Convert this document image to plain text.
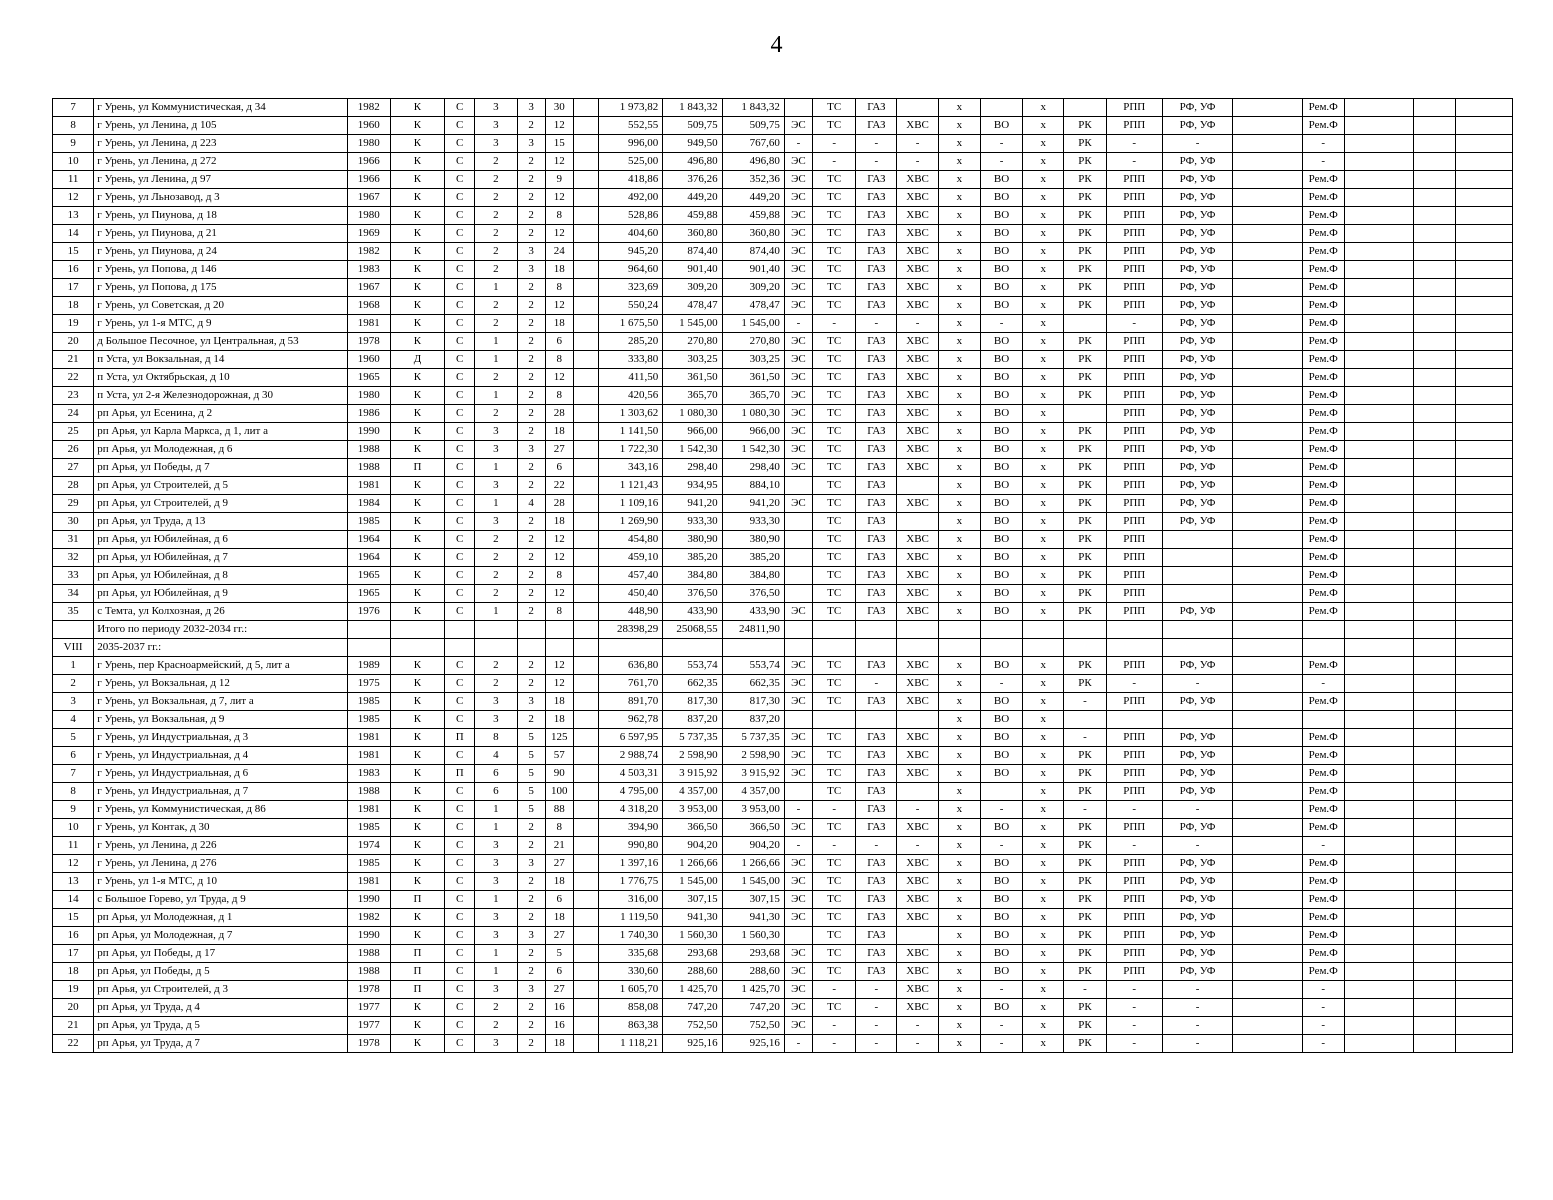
4
7	г Урень, ул Коммунистическая, д 34	1982	К	С	3	3	30		1 973,82	1 843,32	1 843,32		ТС	ГАЗ		х		х		РПП	РФ, УФ		Рем.Ф			
8	г Урень, ул Ленина, д 105	1960	К	С	3	2	12		552,55	509,75	509,75	ЭС	ТС	ГАЗ	ХВС	х	ВО	х	РК	РПП	РФ, УФ		Рем.Ф			
9	г Урень, ул Ленина, д 223	1980	К	С	3	3	15		996,00	949,50	767,60	-	-	-	-	х	-	х	РК	-	-		-			
10	г Урень, ул Ленина, д 272	1966	К	С	2	2	12		525,00	496,80	496,80	ЭС	-	-	-	х	-	х	РК	-	РФ, УФ		-			
11	г Урень, ул Ленина, д 97	1966	К	С	2	2	9		418,86	376,26	352,36	ЭС	ТС	ГАЗ	ХВС	х	ВО	х	РК	РПП	РФ, УФ		Рем.Ф			
12	г Урень, ул Льнозавод, д 3	1967	К	С	2	2	12		492,00	449,20	449,20	ЭС	ТС	ГАЗ	ХВС	х	ВО	х	РК	РПП	РФ, УФ		Рем.Ф			
13	г Урень, ул Пиунова, д 18	1980	К	С	2	2	8		528,86	459,88	459,88	ЭС	ТС	ГАЗ	ХВС	х	ВО	х	РК	РПП	РФ, УФ		Рем.Ф			
14	г Урень, ул Пиунова, д 21	1969	К	С	2	2	12		404,60	360,80	360,80	ЭС	ТС	ГАЗ	ХВС	х	ВО	х	РК	РПП	РФ, УФ		Рем.Ф			
15	г Урень, ул Пиунова, д 24	1982	К	С	2	3	24		945,20	874,40	874,40	ЭС	ТС	ГАЗ	ХВС	х	ВО	х	РК	РПП	РФ, УФ		Рем.Ф			
16	г Урень, ул Попова, д 146	1983	К	С	2	3	18		964,60	901,40	901,40	ЭС	ТС	ГАЗ	ХВС	х	ВО	х	РК	РПП	РФ, УФ		Рем.Ф			
17	г Урень, ул Попова, д 175	1967	К	С	1	2	8		323,69	309,20	309,20	ЭС	ТС	ГАЗ	ХВС	х	ВО	х	РК	РПП	РФ, УФ		Рем.Ф			
18	г Урень, ул Советская, д 20	1968	К	С	2	2	12		550,24	478,47	478,47	ЭС	ТС	ГАЗ	ХВС	х	ВО	х	РК	РПП	РФ, УФ		Рем.Ф			
19	г Урень, ул 1-я МТС, д 9	1981	К	С	2	2	18		1 675,50	1 545,00	1 545,00	-	-	-	-	х	-	х		-	РФ, УФ		Рем.Ф			
20	д Большое Песочное, ул Центральная, д 53	1978	К	С	1	2	6		285,20	270,80	270,80	ЭС	ТС	ГАЗ	ХВС	х	ВО	х	РК	РПП	РФ, УФ		Рем.Ф			
21	п Уста, ул Вокзальная, д 14	1960	Д	С	1	2	8		333,80	303,25	303,25	ЭС	ТС	ГАЗ	ХВС	х	ВО	х	РК	РПП	РФ, УФ		Рем.Ф			
22	п Уста, ул Октябрьская, д 10	1965	К	С	2	2	12		411,50	361,50	361,50	ЭС	ТС	ГАЗ	ХВС	х	ВО	х	РК	РПП	РФ, УФ		Рем.Ф			
23	п Уста, ул 2-я Железнодорожная, д 30	1980	К	С	1	2	8		420,56	365,70	365,70	ЭС	ТС	ГАЗ	ХВС	х	ВО	х	РК	РПП	РФ, УФ		Рем.Ф			
24	рп Арья, ул Есенина, д 2	1986	К	С	2	2	28		1 303,62	1 080,30	1 080,30	ЭС	ТС	ГАЗ	ХВС	х	ВО	х		РПП	РФ, УФ		Рем.Ф			
25	рп Арья, ул Карла Маркса, д 1, лит а	1990	К	С	3	2	18		1 141,50	966,00	966,00	ЭС	ТС	ГАЗ	ХВС	х	ВО	х	РК	РПП	РФ, УФ		Рем.Ф			
26	рп Арья, ул Молодежная, д 6	1988	К	С	3	3	27		1 722,30	1 542,30	1 542,30	ЭС	ТС	ГАЗ	ХВС	х	ВО	х	РК	РПП	РФ, УФ		Рем.Ф			
27	рп Арья, ул Победы, д 7	1988	П	С	1	2	6		343,16	298,40	298,40	ЭС	ТС	ГАЗ	ХВС	х	ВО	х	РК	РПП	РФ, УФ		Рем.Ф			
28	рп Арья, ул Строителей, д 5	1981	К	С	3	2	22		1 121,43	934,95	884,10		ТС	ГАЗ		х	ВО	х	РК	РПП	РФ, УФ		Рем.Ф			
29	рп Арья, ул Строителей, д 9	1984	К	С	1	4	28		1 109,16	941,20	941,20	ЭС	ТС	ГАЗ	ХВС	х	ВО	х	РК	РПП	РФ, УФ		Рем.Ф			
30	рп Арья, ул Труда, д 13	1985	К	С	3	2	18		1 269,90	933,30	933,30		ТС	ГАЗ		х	ВО	х	РК	РПП	РФ, УФ		Рем.Ф			
31	рп Арья, ул Юбилейная, д 6	1964	К	С	2	2	12		454,80	380,90	380,90		ТС	ГАЗ	ХВС	х	ВО	х	РК	РПП			Рем.Ф			
32	рп Арья, ул Юбилейная, д 7	1964	К	С	2	2	12		459,10	385,20	385,20		ТС	ГАЗ	ХВС	х	ВО	х	РК	РПП			Рем.Ф			
33	рп Арья, ул Юбилейная, д 8	1965	К	С	2	2	8		457,40	384,80	384,80		ТС	ГАЗ	ХВС	х	ВО	х	РК	РПП			Рем.Ф			
34	рп Арья, ул Юбилейная, д 9	1965	К	С	2	2	12		450,40	376,50	376,50		ТС	ГАЗ	ХВС	х	ВО	х	РК	РПП			Рем.Ф			
35	с Темта, ул Колхозная, д 26	1976	К	С	1	2	8		448,90	433,90	433,90	ЭС	ТС	ГАЗ	ХВС	х	ВО	х	РК	РПП	РФ, УФ		Рем.Ф			
	Итого по периоду 2032-2034 гг.:								28398,29	25068,55	24811,90															
VIII	2035-2037 гг.:																									
1	г Урень, пер Красноармейский, д 5, лит а	1989	К	С	2	2	12		636,80	553,74	553,74	ЭС	ТС	ГАЗ	ХВС	х	ВО	х	РК	РПП	РФ, УФ		Рем.Ф			
2	г Урень, ул Вокзальная, д 12	1975	К	С	2	2	12		761,70	662,35	662,35	ЭС	ТС	-	ХВС	х	-	х	РК	-	-		-			
3	г Урень, ул Вокзальная, д 7, лит а	1985	К	С	3	3	18		891,70	817,30	817,30	ЭС	ТС	ГАЗ	ХВС	х	ВО	х	-	РПП	РФ, УФ		Рем.Ф			
4	г Урень, ул Вокзальная, д 9	1985	К	С	3	2	18		962,78	837,20	837,20					х	ВО	х								
5	г Урень, ул Индустриальная, д 3	1981	К	П	8	5	125		6 597,95	5 737,35	5 737,35	ЭС	ТС	ГАЗ	ХВС	х	ВО	х	-	РПП	РФ, УФ		Рем.Ф			
6	г Урень, ул Индустриальная, д 4	1981	К	С	4	5	57		2 988,74	2 598,90	2 598,90	ЭС	ТС	ГАЗ	ХВС	х	ВО	х	РК	РПП	РФ, УФ		Рем.Ф			
7	г Урень, ул Индустриальная, д 6	1983	К	П	6	5	90		4 503,31	3 915,92	3 915,92	ЭС	ТС	ГАЗ	ХВС	х	ВО	х	РК	РПП	РФ, УФ		Рем.Ф			
8	г Урень, ул Индустриальная, д 7	1988	К	С	6	5	100		4 795,00	4 357,00	4 357,00		ТС	ГАЗ		х		х	РК	РПП	РФ, УФ		Рем.Ф			
9	г Урень, ул Коммунистическая, д 86	1981	К	С	1	5	88		4 318,20	3 953,00	3 953,00	-	-	ГАЗ	-	х	-	х	-	-	-		Рем.Ф			
10	г Урень, ул Контак, д 30	1985	К	С	1	2	8		394,90	366,50	366,50	ЭС	ТС	ГАЗ	ХВС	х	ВО	х	РК	РПП	РФ, УФ		Рем.Ф			
11	г Урень, ул Ленина, д 226	1974	К	С	3	2	21		990,80	904,20	904,20	-	-	-	-	х	-	х	РК	-	-		-			
12	г Урень, ул Ленина, д 276	1985	К	С	3	3	27		1 397,16	1 266,66	1 266,66	ЭС	ТС	ГАЗ	ХВС	х	ВО	х	РК	РПП	РФ, УФ		Рем.Ф			
13	г Урень, ул 1-я МТС, д 10	1981	К	С	3	2	18		1 776,75	1 545,00	1 545,00	ЭС	ТС	ГАЗ	ХВС	х	ВО	х	РК	РПП	РФ, УФ		Рем.Ф			
14	с Большое Горево, ул Труда, д 9	1990	П	С	1	2	6		316,00	307,15	307,15	ЭС	ТС	ГАЗ	ХВС	х	ВО	х	РК	РПП	РФ, УФ		Рем.Ф			
15	рп Арья, ул Молодежная, д 1	1982	К	С	3	2	18		1 119,50	941,30	941,30	ЭС	ТС	ГАЗ	ХВС	х	ВО	х	РК	РПП	РФ, УФ		Рем.Ф			
16	рп Арья, ул Молодежная, д 7	1990	К	С	3	3	27		1 740,30	1 560,30	1 560,30		ТС	ГАЗ		х	ВО	х	РК	РПП	РФ, УФ		Рем.Ф			
17	рп Арья, ул Победы, д 17	1988	П	С	1	2	5		335,68	293,68	293,68	ЭС	ТС	ГАЗ	ХВС	х	ВО	х	РК	РПП	РФ, УФ		Рем.Ф			
18	рп Арья, ул Победы, д 5	1988	П	С	1	2	6		330,60	288,60	288,60	ЭС	ТС	ГАЗ	ХВС	х	ВО	х	РК	РПП	РФ, УФ		Рем.Ф			
19	рп Арья, ул Строителей, д 3	1978	П	С	3	3	27		1 605,70	1 425,70	1 425,70	ЭС	-	-	ХВС	х	-	х	-	-	-		-			
20	рп Арья, ул Труда, д 4	1977	К	С	2	2	16		858,08	747,20	747,20	ЭС	ТС	-	ХВС	х	ВО	х	РК	-	-		-			
21	рп Арья, ул Труда, д 5	1977	К	С	2	2	16		863,38	752,50	752,50	ЭС	-	-	-	х	-	х	РК	-	-		-			
22	рп Арья, ул Труда, д 7	1978	К	С	3	2	18		1 118,21	925,16	925,16	-	-	-	-	х	-	х	РК	-	-		-			
